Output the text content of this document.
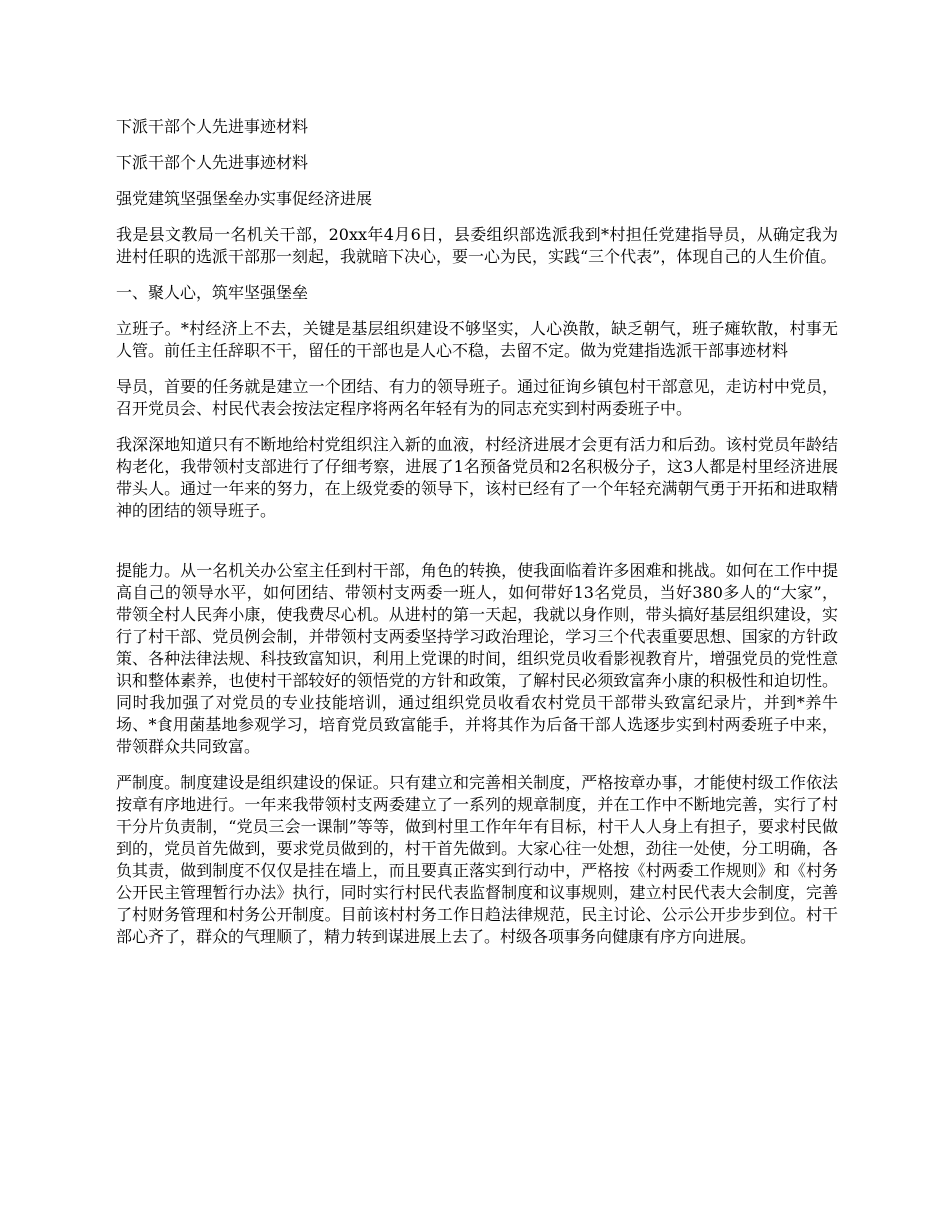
下派干部个人先进事迹材料

下派干部个人先进事迹材料

强党建筑坚强堡垒办实事促经济进展

我是县文教局一名机关干部，20xx年4月6日，县委组织部选派我到*村担任党建指导员，从确定我为进村任职的选派干部那一刻起，我就暗下决心，要一心为民，实践“三个代表”，体现自己的人生价值。

一、聚人心，筑牢坚强堡垒

立班子。*村经济上不去，关键是基层组织建设不够坚实，人心涣散，缺乏朝气，班子瘫软散，村事无人管。前任主任辞职不干，留任的干部也是人心不稳，去留不定。做为党建指选派干部事迹材料

导员，首要的任务就是建立一个团结、有力的领导班子。通过征询乡镇包村干部意见，走访村中党员，召开党员会、村民代表会按法定程序将两名年轻有为的同志充实到村两委班子中。

我深深地知道只有不断地给村党组织注入新的血液，村经济进展才会更有活力和后劲。该村党员年龄结构老化，我带领村支部进行了仔细考察，进展了1名预备党员和2名积极分子，这3人都是村里经济进展带头人。通过一年来的努力，在上级党委的领导下，该村已经有了一个年轻充满朝气勇于开拓和进取精神的团结的领导班子。

提能力。从一名机关办公室主任到村干部，角色的转换，使我面临着许多困难和挑战。如何在工作中提高自己的领导水平，如何团结、带领村支两委一班人，如何带好13名党员，当好380多人的“大家”，带领全村人民奔小康，使我费尽心机。从进村的第一天起，我就以身作则，带头搞好基层组织建设，实行了村干部、党员例会制，并带领村支两委坚持学习政治理论，学习三个代表重要思想、国家的方针政策、各种法律法规、科技致富知识，利用上党课的时间，组织党员收看影视教育片，增强党员的党性意识和整体素养，也使村干部较好的领悟党的方针和政策，了解村民必须致富奔小康的积极性和迫切性。同时我加强了对党员的专业技能培训，通过组织党员收看农村党员干部带头致富纪录片，并到*养牛场、*食用菌基地参观学习，培育党员致富能手，并将其作为后备干部人选逐步实到村两委班子中来，带领群众共同致富。

严制度。制度建设是组织建设的保证。只有建立和完善相关制度，严格按章办事，才能使村级工作依法按章有序地进行。一年来我带领村支两委建立了一系列的规章制度，并在工作中不断地完善，实行了村干分片负责制，“党员三会一课制”等等，做到村里工作年年有目标，村干人人身上有担子，要求村民做到的，党员首先做到，要求党员做到的，村干首先做到。大家心往一处想，劲往一处使，分工明确，各负其责，做到制度不仅仅是挂在墙上，而且要真正落实到行动中，严格按《村两委工作规则》和《村务公开民主管理暂行办法》执行，同时实行村民代表监督制度和议事规则，建立村民代表大会制度，完善了村财务管理和村务公开制度。目前该村村务工作日趋法律规范，民主讨论、公示公开步步到位。村干部心齐了，群众的气理顺了，精力转到谋进展上去了。村级各项事务向健康有序方向进展。
